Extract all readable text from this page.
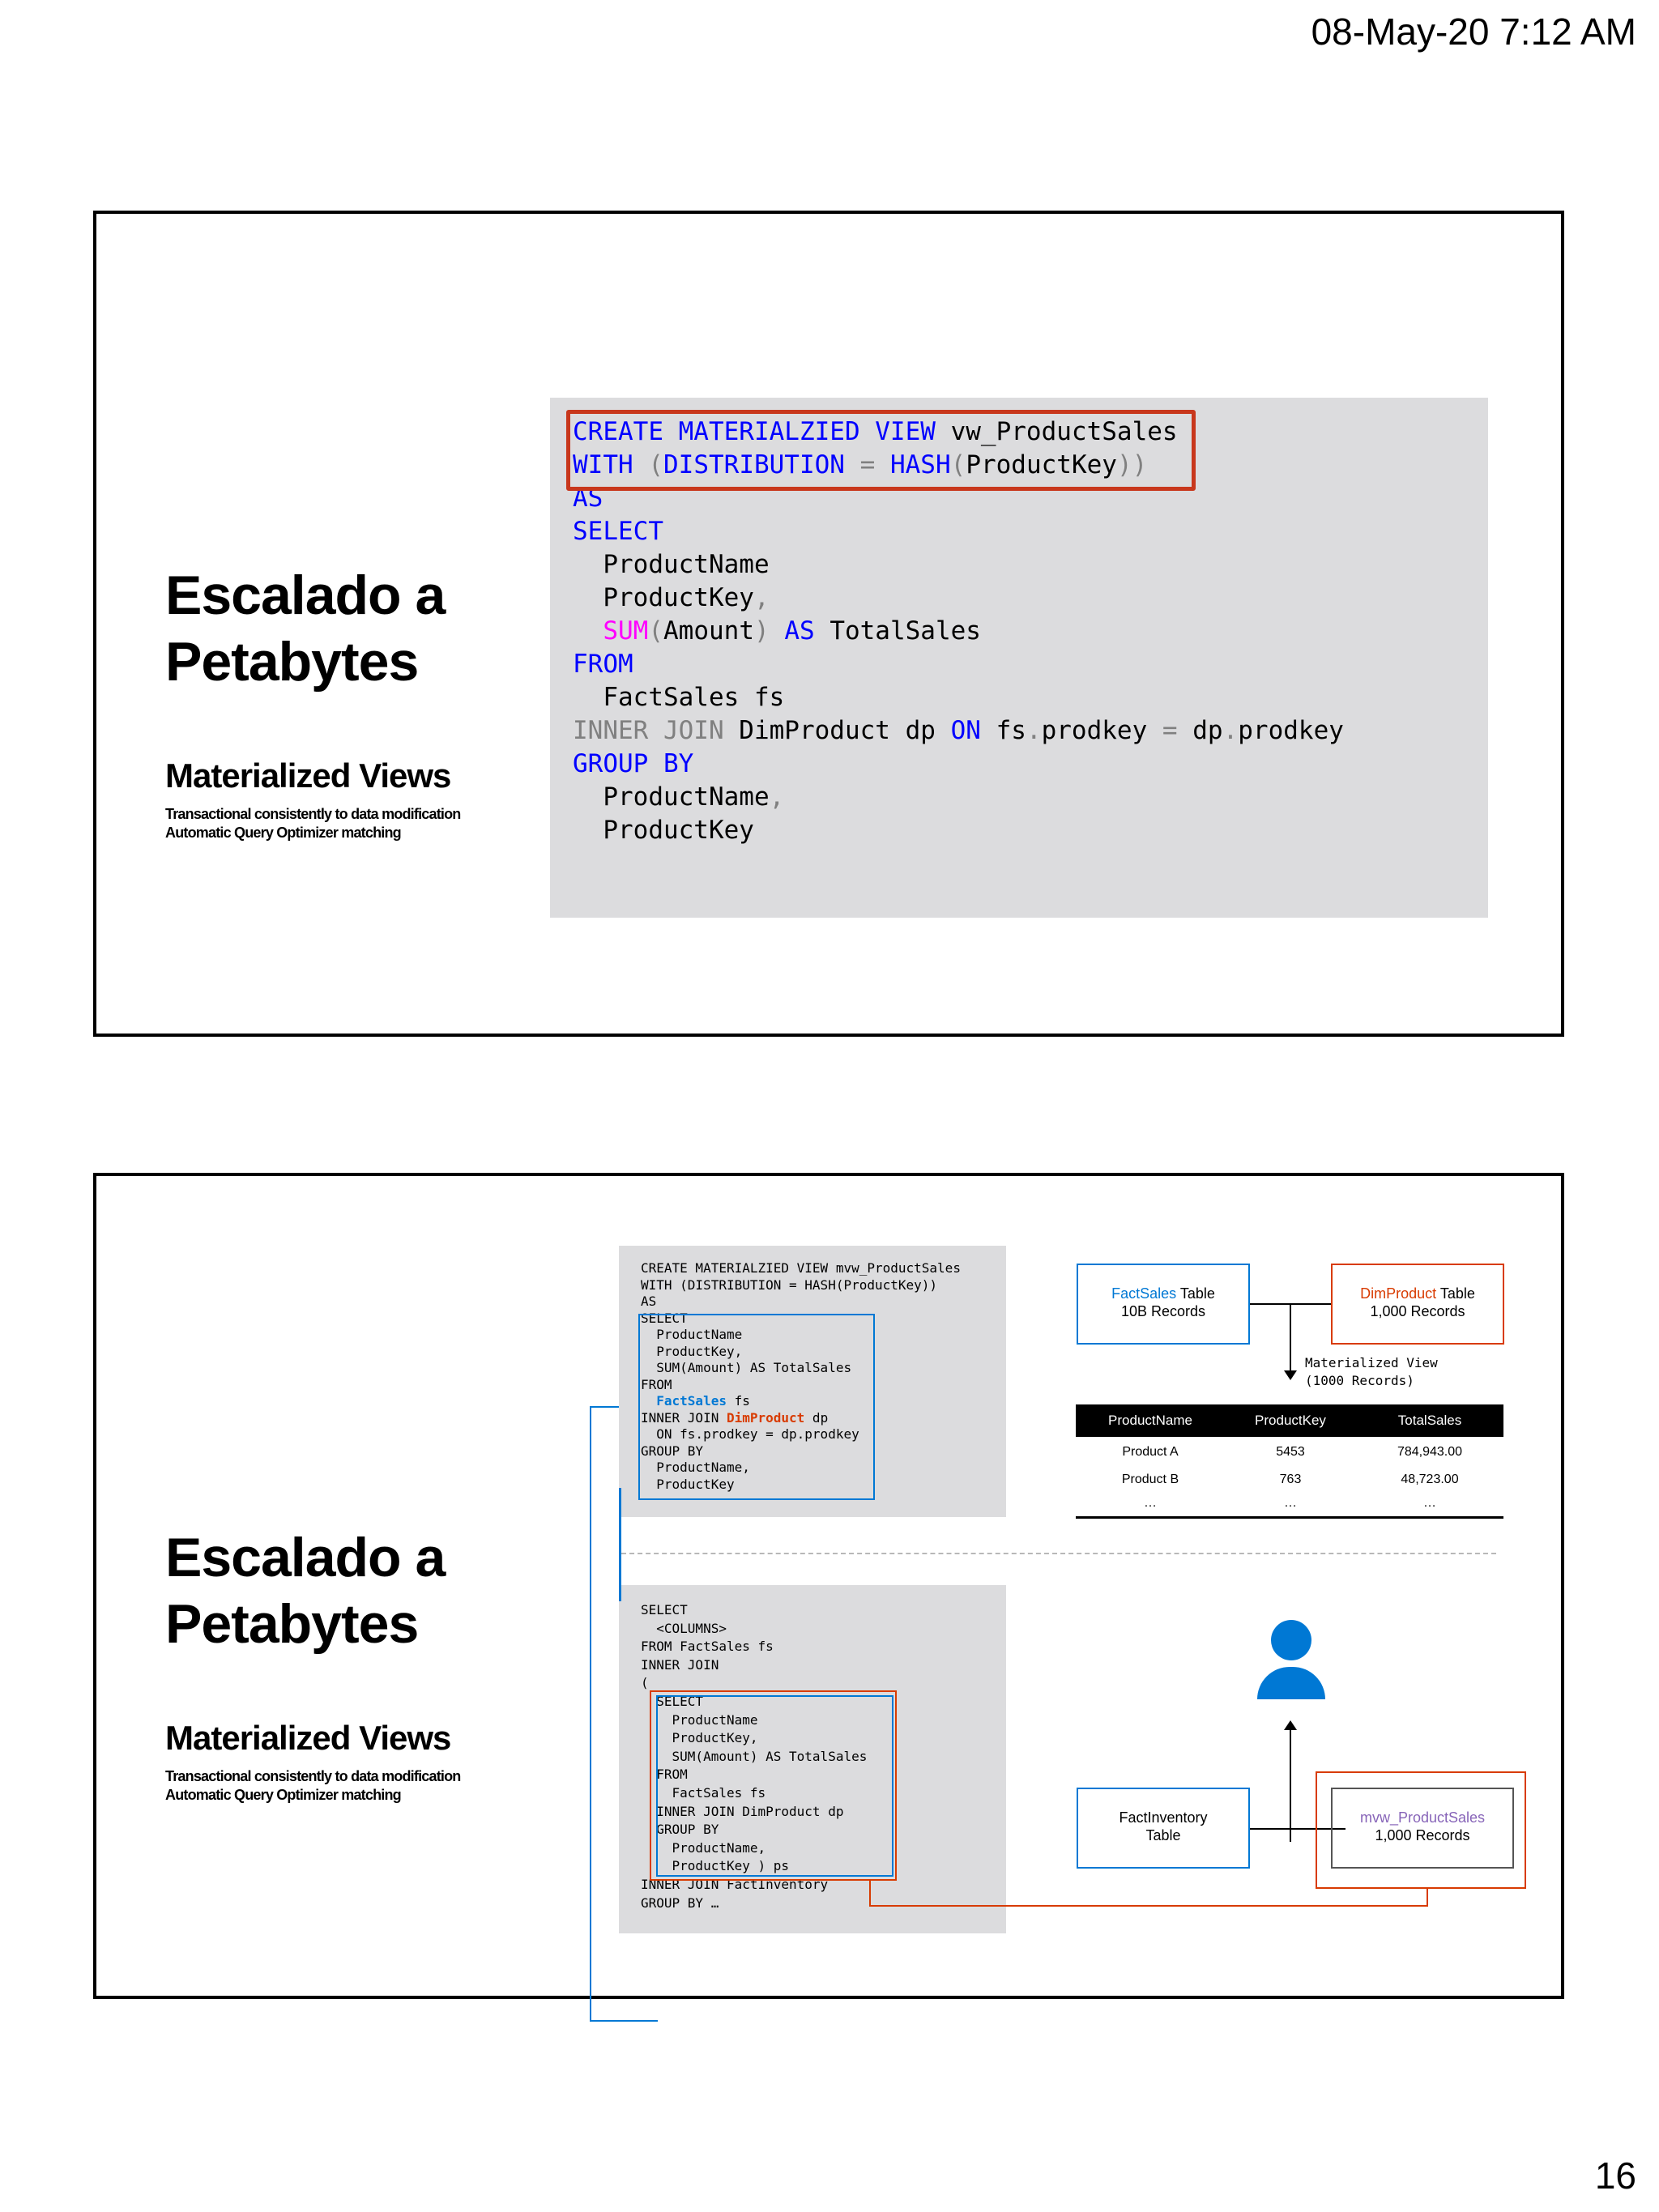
08-May-20 7:12 AM
Escalado a
Petabytes
Materialized Views
Transactional consistently to data modification
Automatic Query Optimizer matching
CREATE MATERIALZIED VIEW vw_ProductSales
WITH (DISTRIBUTION = HASH(ProductKey))
AS
SELECT
ProductName
ProductKey,
SUM(Amount) AS TotalSales
FROM
FactSales fs
INNER JOIN DimProduct dp ON fs.prodkey = dp.prodkey
GROUP BY
ProductName,
ProductKey
Escalado a
Petabytes
Materialized Views
Transactional consistently to data modification
Automatic Query Optimizer matching
CREATE MATERIALZIED VIEW mvw_ProductSales
WITH (DISTRIBUTION = HASH(ProductKey))
AS
SELECT
ProductName
ProductKey,
SUM(Amount) AS TotalSales
FROM
FactSales fs
INNER JOIN DimProduct dp
ON fs.prodkey = dp.prodkey
GROUP BY
ProductName,
ProductKey
SELECT
<COLUMNS>
FROM FactSales fs
INNER JOIN
(
SELECT
ProductName
ProductKey,
SUM(Amount) AS TotalSales
FROM
FactSales fs
INNER JOIN DimProduct dp
GROUP BY
ProductName,
ProductKey ) ps
INNER JOIN FactInventory
GROUP BY …
FactSales Table
10B Records
DimProduct Table
1,000 Records
Materialized View
(1000 Records)
ProductName	ProductKey	TotalSales
Product A	5453	784,943.00
Product B	763	48,723.00
…	…	…
FactInventory
Table
mvw_ProductSales
1,000 Records
16
